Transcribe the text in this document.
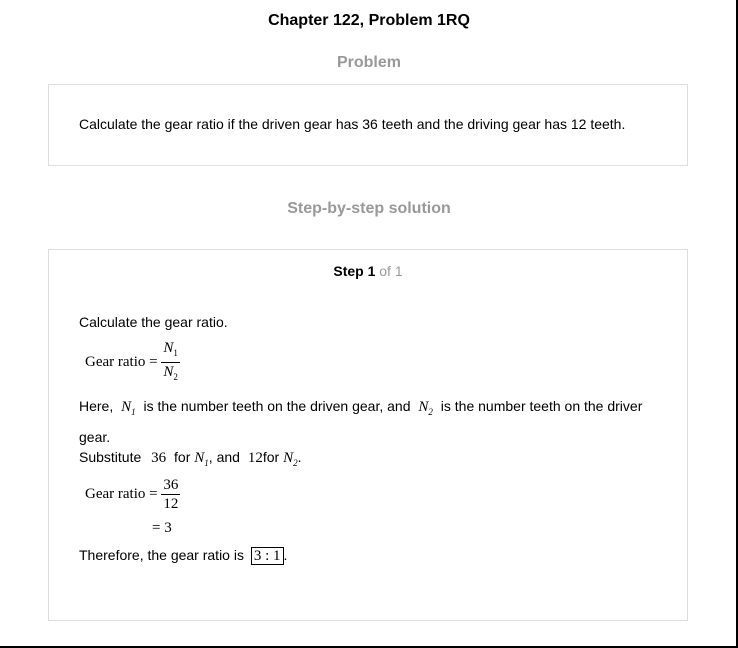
Chapter 122, Problem 1RQ
Problem
Calculate the gear ratio if the driven gear has 36 teeth and the driving gear has 12 teeth.
Step-by-step solution
Step 1 of 1
Calculate the gear ratio.
Gear ratio = $\frac{N_1}{N_2}$
Here, $N_1$ is the number teeth on the driven gear, and $N_2$ is the number teeth on the driver gear.
Substitute 36 for $N_1$, and 12for $N_2$.
Gear ratio = $\frac{36}{12}$
= 3
Therefore, the gear ratio is 3 : 1 .
